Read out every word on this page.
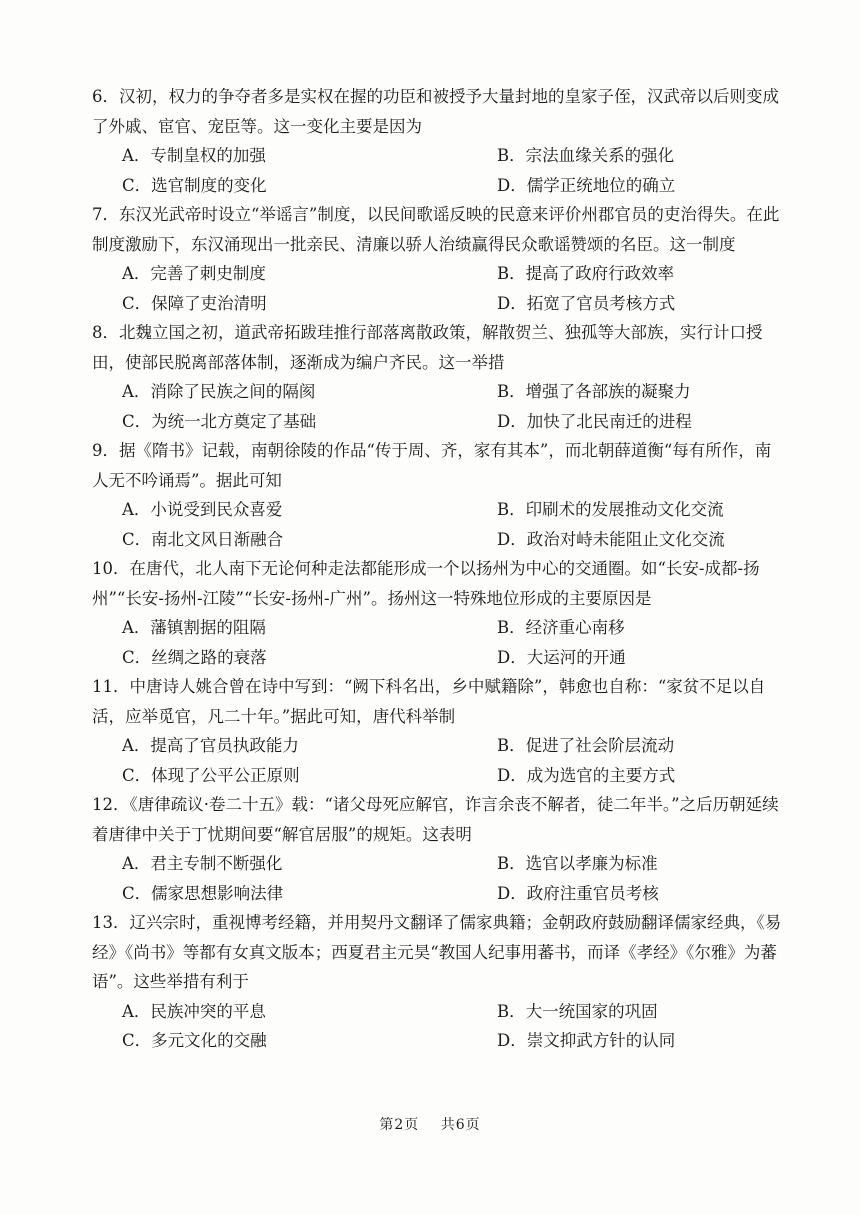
6．汉初，权力的争夺者多是实权在握的功臣和被授予大量封地的皇家子侄，汉武帝以后则变成了外戚、宦官、宠臣等。这一变化主要是因为
A．专制皇权的加强	B．宗法血缘关系的强化
C．选官制度的变化	D．儒学正统地位的确立
7．东汉光武帝时设立“举谣言”制度，以民间歌谣反映的民意来评价州郡官员的吏治得失。在此制度激励下，东汉涌现出一批亲民、清廉以骄人治绩赢得民众歌谣赞颂的名臣。这一制度
A．完善了刺史制度	B．提高了政府行政效率
C．保障了吏治清明	D．拓宽了官员考核方式
8．北魏立国之初，道武帝拓跋珪推行部落离散政策，解散贺兰、独孤等大部族，实行计口授田，使部民脱离部落体制，逐渐成为编户齐民。这一举措
A．消除了民族之间的隔阂	B．增强了各部族的凝聚力
C．为统一北方奠定了基础	D．加快了北民南迁的进程
9．据《隋书》记载，南朝徐陵的作品“传于周、齐，家有其本”，而北朝薛道衡“每有所作，南人无不吟诵焉”。据此可知
A．小说受到民众喜爱	B．印刷术的发展推动文化交流
C．南北文风日渐融合	D．政治对峙未能阻止文化交流
10．在唐代，北人南下无论何种走法都能形成一个以扬州为中心的交通圈。如“长安-成都-扬州”“长安-扬州-江陵”“长安-扬州-广州”。扬州这一特殊地位形成的主要原因是
A．藩镇割据的阻隔	B．经济重心南移
C．丝绸之路的衰落	D．大运河的开通
11．中唐诗人姚合曾在诗中写到：“阙下科名出，乡中赋籍除”，韩愈也自称：“家贫不足以自活，应举觅官，凡二十年。”据此可知，唐代科举制
A．提高了官员执政能力	B．促进了社会阶层流动
C．体现了公平公正原则	D．成为选官的主要方式
12．《唐律疏议·卷二十五》载：“诸父母死应解官，诈言余丧不解者，徒二年半。”之后历朝延续着唐律中关于丁忧期间要“解官居服”的规矩。这表明
A．君主专制不断强化	B．选官以孝廉为标准
C．儒家思想影响法律	D．政府注重官员考核
13．辽兴宗时，重视博考经籍，并用契丹文翻译了儒家典籍；金朝政府鼓励翻译儒家经典，《易经》《尚书》等都有女真文版本；西夏君主元昊“教国人纪事用蕃书，而译《孝经》《尔雅》为蕃语”。这些举措有利于
A．民族冲突的平息	B．大一统国家的巩固
C．多元文化的交融	D．崇文抑武方针的认同
第2页 共6页
